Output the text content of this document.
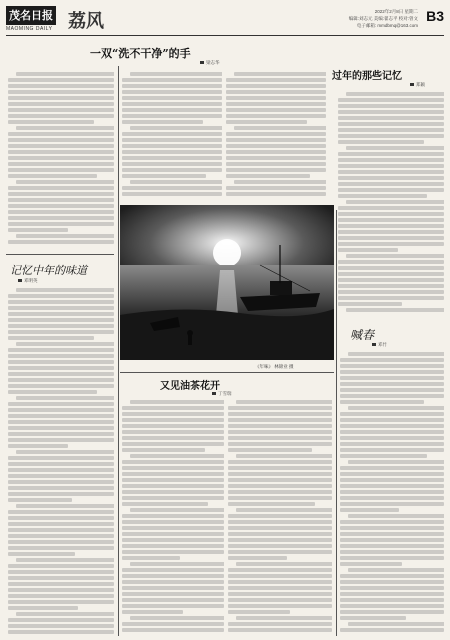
茂名日报
MAOMING DAILY 荔风	2022年2月8日 星期二
编辑:刘志元 美编:翟志平 校对:曾文
电子邮箱: mmdbmq@163.com
B3
一双“洗不干净”的手
梁志华
过年的那些记忆
郑颖
记忆中年的味道
邓明英
又见油茶花开
丁雪瑞
喊春
邓竹
《年味》 林锦业 摄
